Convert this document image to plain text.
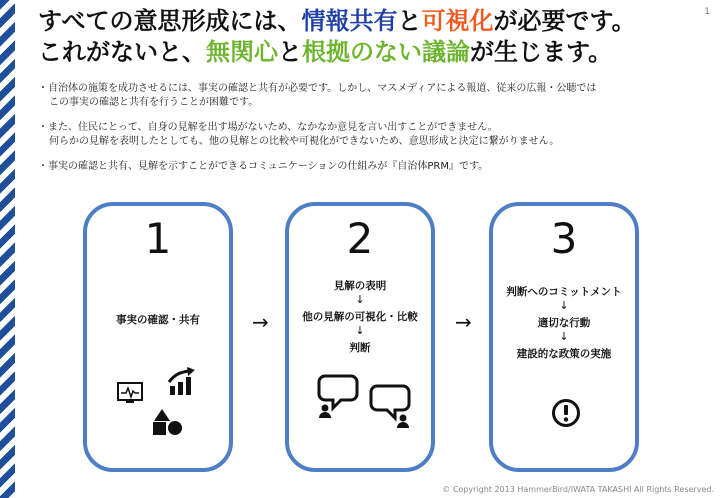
1
すべての意思形成には、情報共有と可視化が必要です。
これがないと、無関心と根拠のない議論が生じます。
・自治体の施策を成功させるには、事実の確認と共有が必要です。しかし、マスメディアによる報道、従来の広報・公聴では
この事実の確認と共有を行うことが困難です。
・また、住民にとって、自身の見解を出す場がないため、なかなか意見を言い出すことができません。
何らかの見解を表明したとしても、他の見解との比較や可視化ができないため、意思形成と決定に繋がりません。
・事実の確認と共有、見解を示すことができるコミュニケーションの仕組みが『自治体PRM』です。
1
事実の確認・共有	→
2
見解の表明
↓
他の見解の可視化・比較
↓
判断
→
3
判断へのコミットメント
↓
適切な行動
↓
建設的な政策の実施
© Copyright 2013 HammerBird/IWATA TAKASHI All Rights Reserved.
